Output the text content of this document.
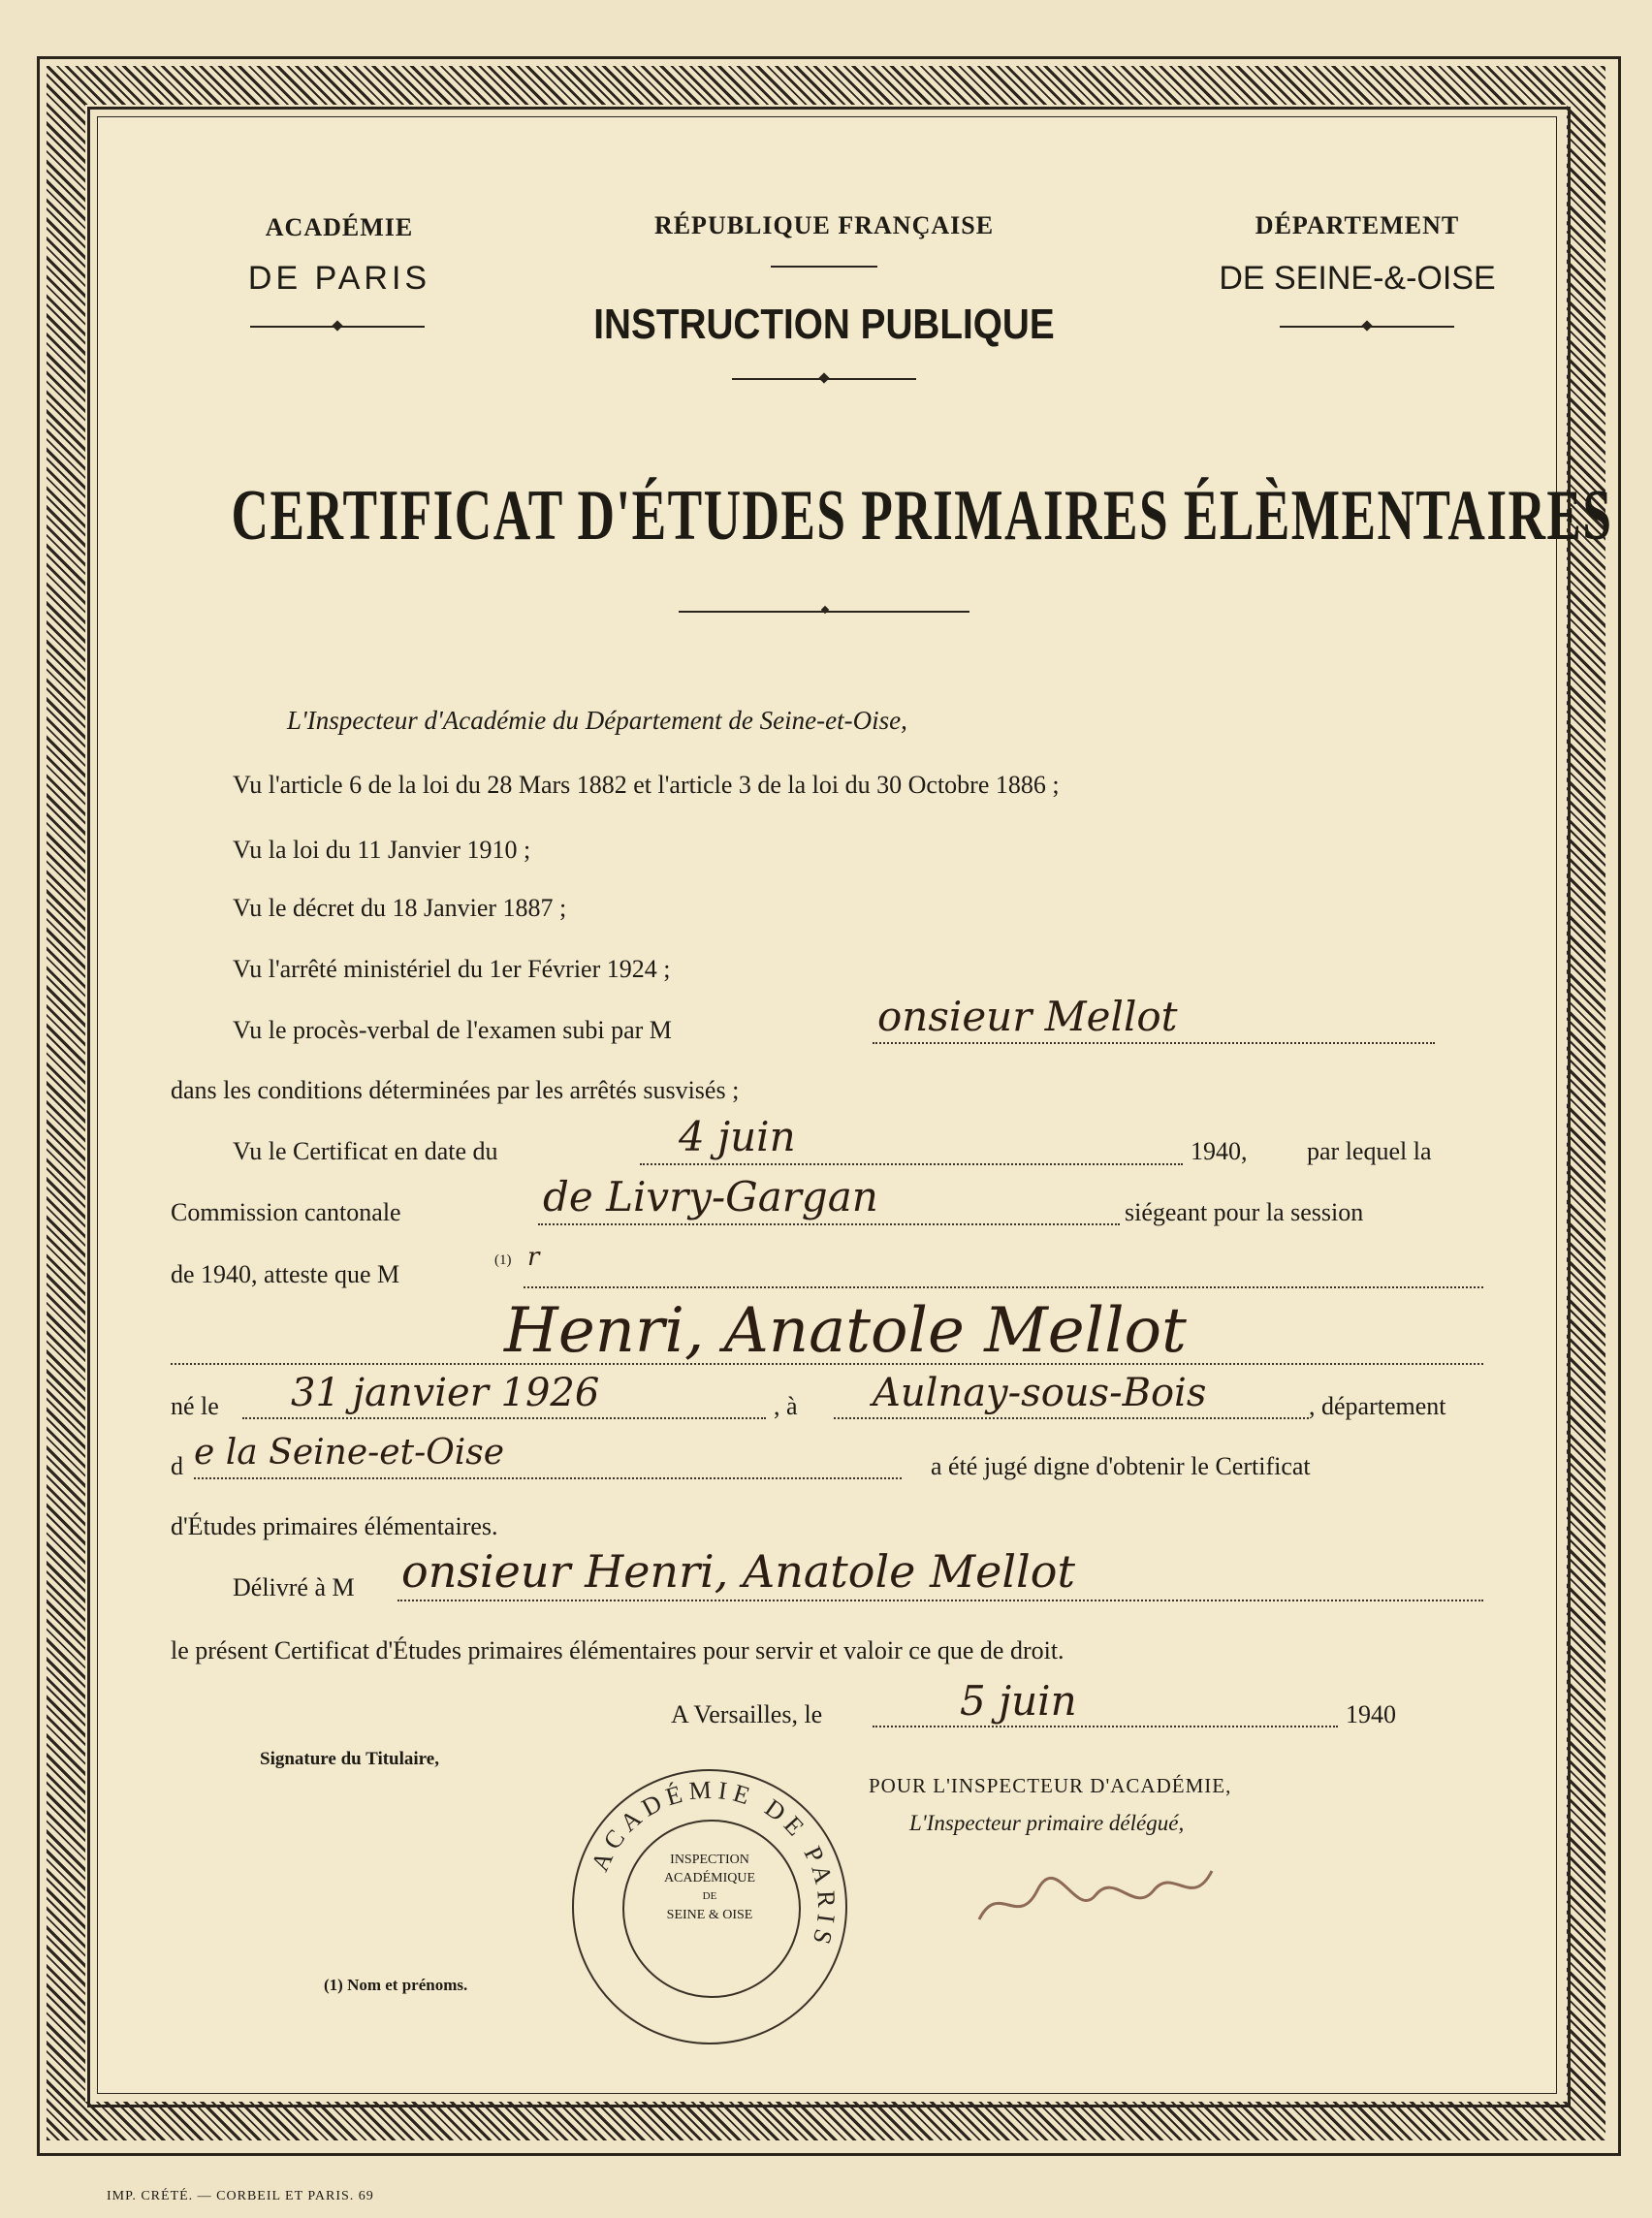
ACADÉMIE
DE PARIS
RÉPUBLIQUE FRANÇAISE
INSTRUCTION PUBLIQUE
DÉPARTEMENT
DE SEINE-&-OISE
CERTIFICAT D'ÉTUDES PRIMAIRES ÉLÈMENTAIRES
L'Inspecteur d'Académie du Département de Seine-et-Oise,
Vu l'article 6 de la loi du 28 Mars 1882 et l'article 3 de la loi du 30 Octobre 1886 ;
Vu la loi du 11 Janvier 1910 ;
Vu le décret du 18 Janvier 1887 ;
Vu l'arrêté ministériel du 1er Février 1924 ;
Vu le procès-verbal de l'examen subi par M	onsieur Mellot
dans les conditions déterminées par les arrêtés susvisés ;
Vu le Certificat en date du	4 juin	1940, par lequel la
Commission cantonale	de Livry-Gargan	siégeant pour la session
de 1940, atteste que M	(1) r
Henri, Anatole Mellot
né le 31 janvier 1926	, à Aulnay-sous-Bois	, département
d e la Seine-et-Oise	a été jugé digne d'obtenir le Certificat
d'Études primaires élémentaires.
Délivré à M onsieur Henri, Anatole Mellot
le présent Certificat d'Études primaires élémentaires pour servir et valoir ce que de droit.
A Versailles, le	5 juin	1940
Signature du Titulaire,
POUR L'INSPECTEUR D'ACADÉMIE,
L'Inspecteur primaire délégué,
ACADÉMIE DE PARIS
INSPECTION
ACADÉMIQUE
DE
SEINE & OISE
(1) Nom et prénoms.
IMP. CRÉTÉ. — CORBEIL ET PARIS. 69
